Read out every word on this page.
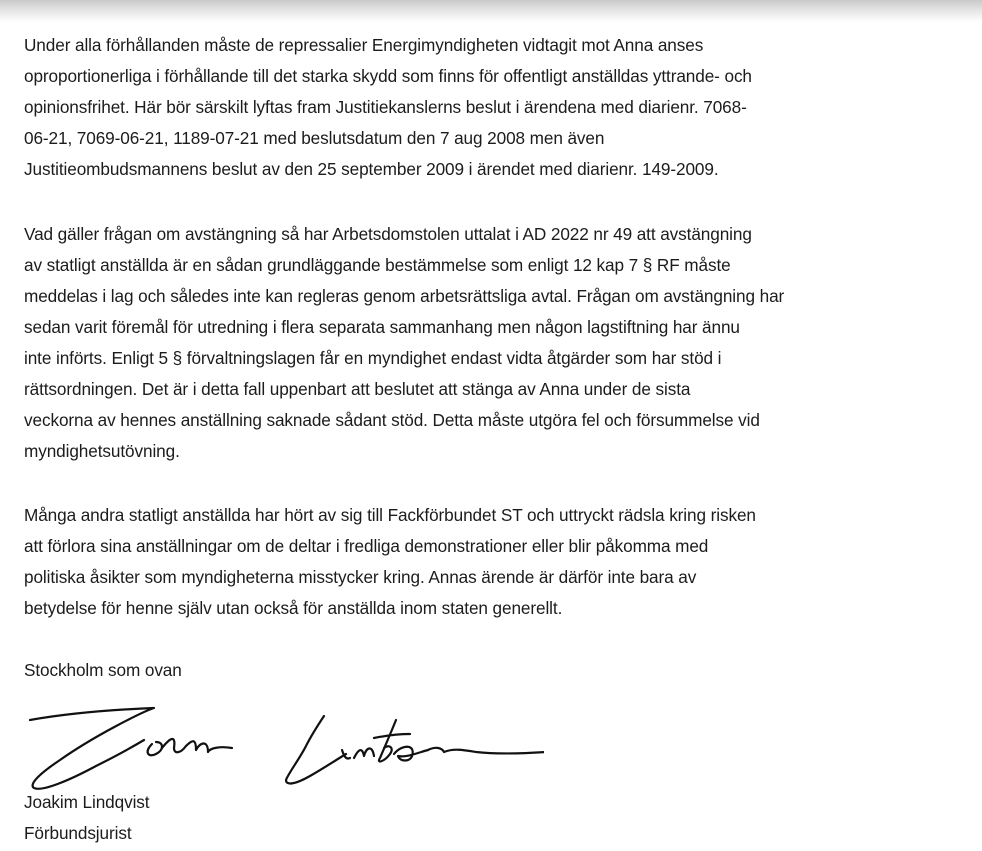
Under alla förhållanden måste de repressalier Energimyndigheten vidtagit mot Anna anses
oproportionerliga i förhållande till det starka skydd som finns för offentligt anställdas yttrande- och
opinionsfrihet. Här bör särskilt lyftas fram Justitiekanslerns beslut i ärendena med diarienr. 7068-
06-21, 7069-06-21, 1189-07-21 med beslutsdatum den 7 aug 2008 men även
Justitieombudsmannens beslut av den 25 september 2009 i ärendet med diarienr. 149-2009.

Vad gäller frågan om avstängning så har Arbetsdomstolen uttalat i AD 2022 nr 49 att avstängning
av statligt anställda är en sådan grundläggande bestämmelse som enligt 12 kap 7 § RF måste
meddelas i lag och således inte kan regleras genom arbetsrättsliga avtal. Frågan om avstängning har
sedan varit föremål för utredning i flera separata sammanhang men någon lagstiftning har ännu
inte införts. Enligt 5 § förvaltningslagen får en myndighet endast vidta åtgärder som har stöd i
rättsordningen. Det är i detta fall uppenbart att beslutet att stänga av Anna under de sista
veckorna av hennes anställning saknade sådant stöd. Detta måste utgöra fel och försummelse vid
myndighetsutövning.

Många andra statligt anställda har hört av sig till Fackförbundet ST och uttryckt rädsla kring risken
att förlora sina anställningar om de deltar i fredliga demonstrationer eller blir påkomma med
politiska åsikter som myndigheterna misstycker kring. Annas ärende är därför inte bara av
betydelse för henne själv utan också för anställda inom staten generellt.

Stockholm som ovan

Joakim Lindqvist

Förbundsjurist
